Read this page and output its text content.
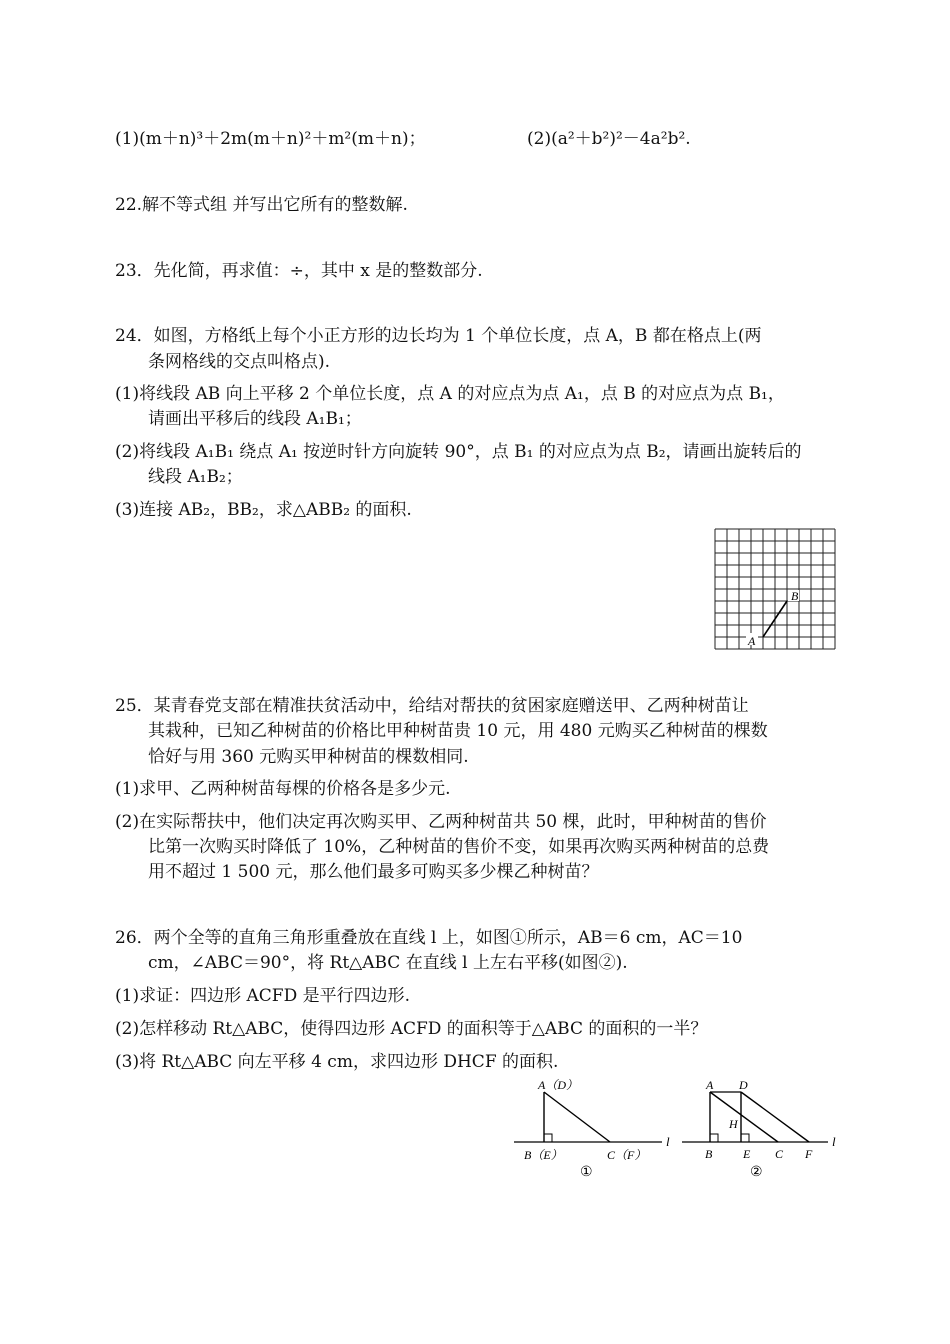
(1)(m＋n)³＋2m(m＋n)²＋m²(m＋n)；	(2)(a²＋b²)²－4a²b².
22.解不等式组 并写出它所有的整数解.
23．先化简，再求值：÷，其中 x 是的整数部分.
24．如图，方格纸上每个小正方形的边长均为 1 个单位长度，点 A，B 都在格点上(两
条网格线的交点叫格点).
(1)将线段 AB 向上平移 2 个单位长度，点 A 的对应点为点 A₁，点 B 的对应点为点 B₁，
请画出平移后的线段 A₁B₁；
(2)将线段 A₁B₁ 绕点 A₁ 按逆时针方向旋转 90°，点 B₁ 的对应点为点 B₂，请画出旋转后的
线段 A₁B₂；
(3)连接 AB₂，BB₂，求△ABB₂ 的面积.
B
A
25．某青春党支部在精准扶贫活动中，给结对帮扶的贫困家庭赠送甲、乙两种树苗让
其栽种，已知乙种树苗的价格比甲种树苗贵 10 元，用 480 元购买乙种树苗的棵数
恰好与用 360 元购买甲种树苗的棵数相同.
(1)求甲、乙两种树苗每棵的价格各是多少元.
(2)在实际帮扶中，他们决定再次购买甲、乙两种树苗共 50 棵，此时，甲种树苗的售价
比第一次购买时降低了 10%，乙种树苗的售价不变，如果再次购买两种树苗的总费
用不超过 1 500 元，那么他们最多可购买多少棵乙种树苗？
26．两个全等的直角三角形重叠放在直线 l 上，如图①所示，AB＝6 cm，AC＝10
cm，∠ABC＝90°，将 Rt△ABC 在直线 l 上左右平移(如图②).
(1)求证：四边形 ACFD 是平行四边形.
(2)怎样移动 Rt△ABC，使得四边形 ACFD 的面积等于△ABC 的面积的一半？
(3)将 Rt△ABC 向左平移 4 cm，求四边形 DHCF 的面积.
A（D）
B（E）	C（F）
l
①
A D
H
B	E C F
l
②
